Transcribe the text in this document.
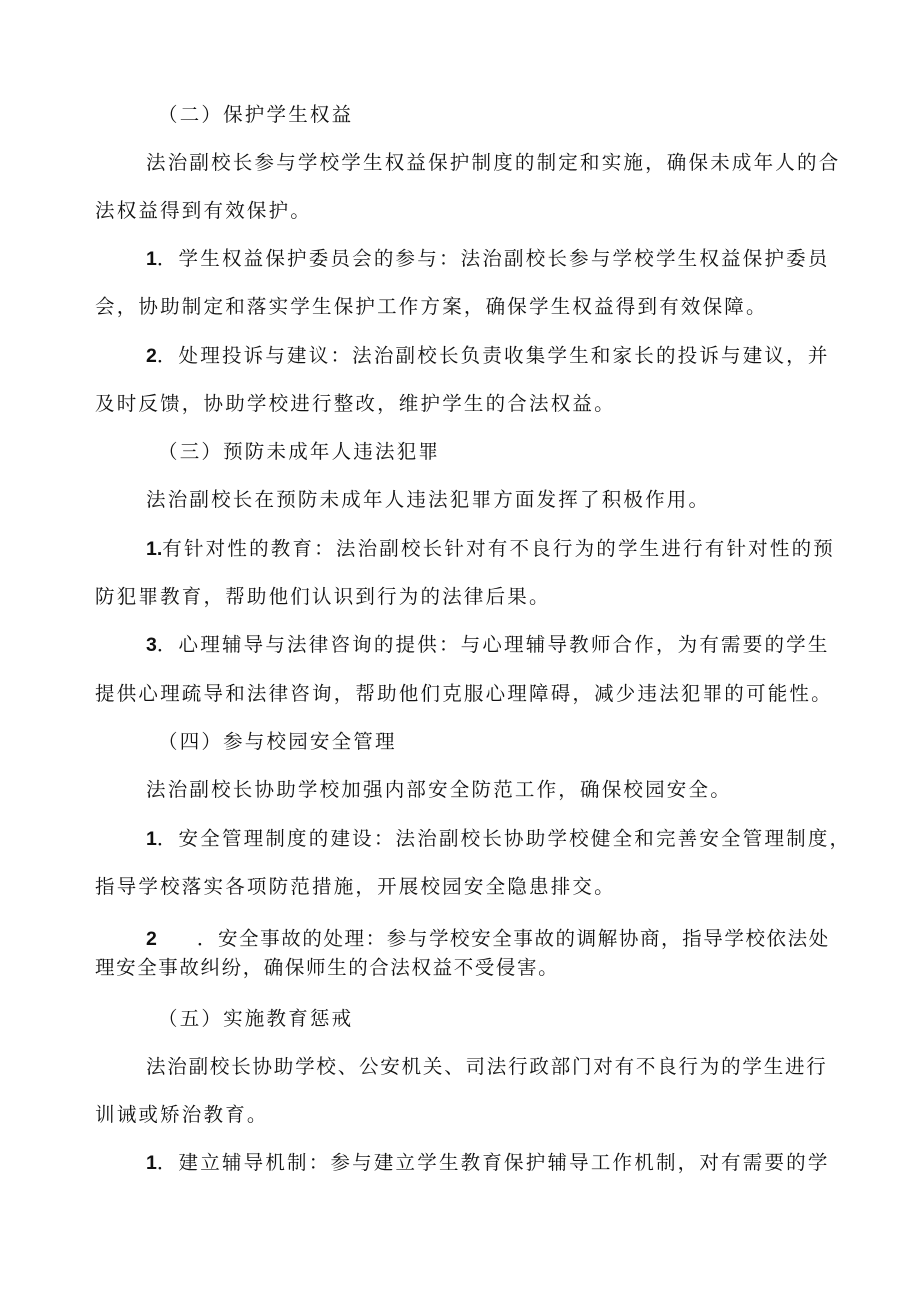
（二）保护学生权益
法治副校长参与学校学生权益保护制度的制定和实施，确保未成年人的合
法权益得到有效保护。
1．学生权益保护委员会的参与：法治副校长参与学校学生权益保护委员
会，协助制定和落实学生保护工作方案，确保学生权益得到有效保障。
2．处理投诉与建议：法治副校长负责收集学生和家长的投诉与建议，并
及时反馈，协助学校进行整改，维护学生的合法权益。
（三）预防未成年人违法犯罪
法治副校长在预防未成年人违法犯罪方面发挥了积极作用。
1.有针对性的教育：法治副校长针对有不良行为的学生进行有针对性的预
防犯罪教育，帮助他们认识到行为的法律后果。
3．心理辅导与法律咨询的提供：与心理辅导教师合作，为有需要的学生
提供心理疏导和法律咨询，帮助他们克服心理障碍，减少违法犯罪的可能性。
（四）参与校园安全管理
法治副校长协助学校加强内部安全防范工作，确保校园安全。
1．安全管理制度的建设：法治副校长协助学校健全和完善安全管理制度，
指导学校落实各项防范措施，开展校园安全隐患排交。
2 ．安全事故的处理：参与学校安全事故的调解协商，指导学校依法处
理安全事故纠纷，确保师生的合法权益不受侵害。
（五）实施教育惩戒
法治副校长协助学校、公安机关、司法行政部门对有不良行为的学生进行
训诫或矫治教育。
1．建立辅导机制：参与建立学生教育保护辅导工作机制，对有需要的学
